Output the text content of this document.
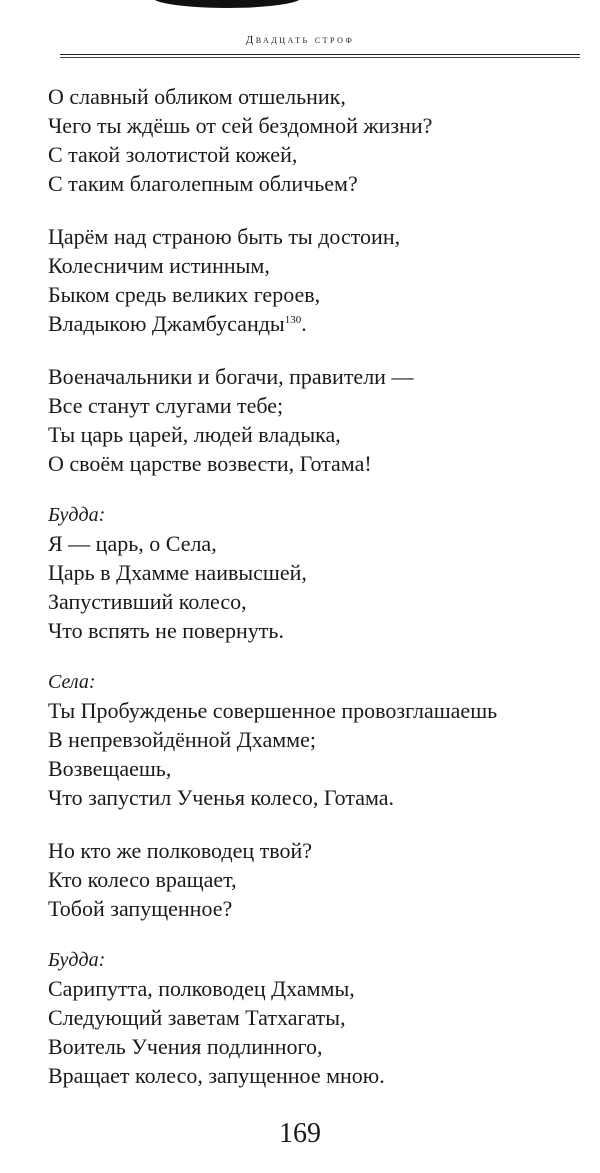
Двадцать строф
О славный обликом отшельник,
Чего ты ждёшь от сей бездомной жизни?
С такой золотистой кожей,
С таким благолепным обличьем?
Царём над страною быть ты достоин,
Колесничим истинным,
Быком средь великих героев,
Владыкою Джамбусанды$^{130}$.
Военачальники и богачи, правители —
Все станут слугами тебе;
Ты царь царей, людей владыка,
О своём царстве возвести, Готама!
Будда:
Я — царь, о Села,
Царь в Дхамме наивысшей,
Запустивший колесо,
Что вспять не повернуть.
Села:
Ты Пробужденье совершенное провозглашаешь
В непревзойдённой Дхамме;
Возвещаешь,
Что запустил Ученья колесо, Готама.
Но кто же полководец твой?
Кто колесо вращает,
Тобой запущенное?
Будда:
Сарипутта, полководец Дхаммы,
Следующий заветам Татхагаты,
Воитель Учения подлинного,
Вращает колесо, запущенное мною.
169
